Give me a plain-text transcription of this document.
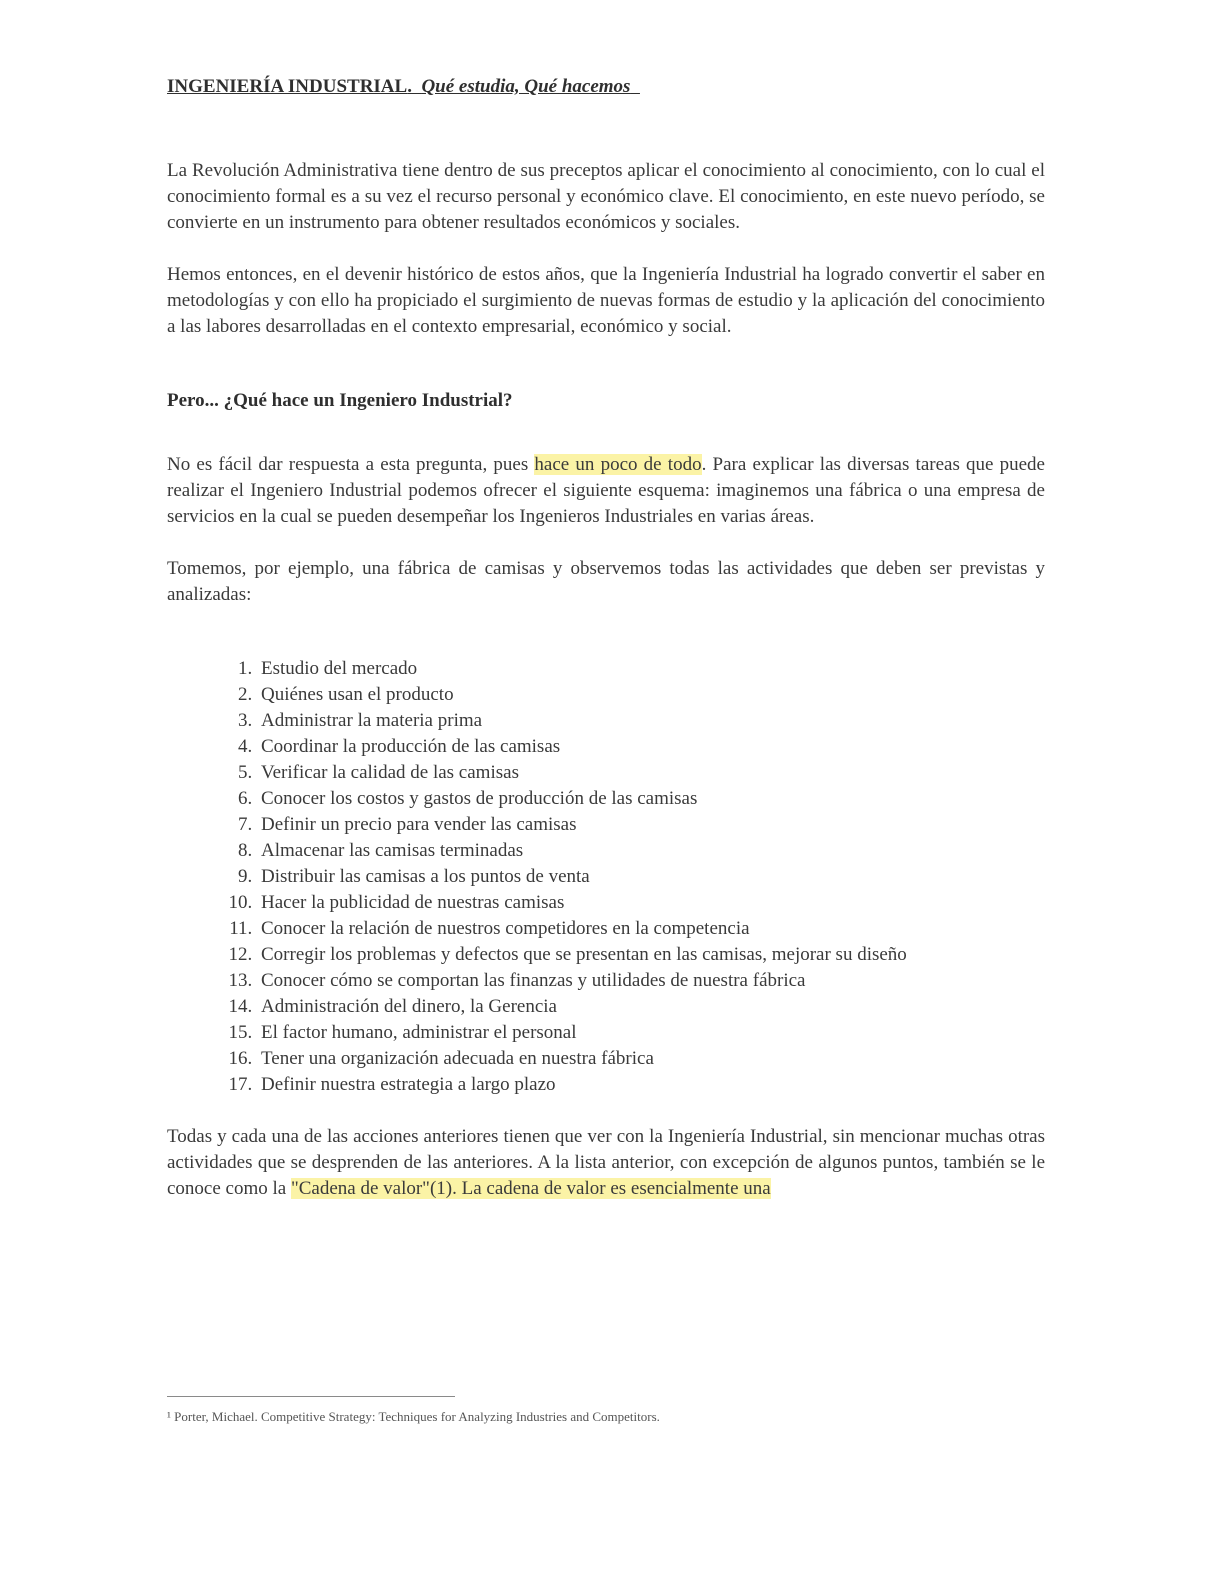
INGENIERÍA INDUSTRIAL.  Qué estudia, Qué hacemos

La Revolución Administrativa tiene dentro de sus preceptos aplicar el conocimiento al conocimiento, con lo cual el conocimiento formal es a su vez el recurso personal y económico clave. El conocimiento, en este nuevo período, se convierte en un instrumento para obtener resultados económicos y sociales.

Hemos entonces, en el devenir histórico de estos años, que la Ingeniería Industrial ha logrado convertir el saber en metodologías y con ello ha propiciado el surgimiento de nuevas formas de estudio y la aplicación del conocimiento a las labores desarrolladas en el contexto empresarial, económico y social.

Pero... ¿Qué hace un Ingeniero Industrial?

No es fácil dar respuesta a esta pregunta, pues hace un poco de todo. Para explicar las diversas tareas que puede realizar el Ingeniero Industrial podemos ofrecer el siguiente esquema: imaginemos una fábrica o una empresa de servicios en la cual se pueden desempeñar los Ingenieros Industriales en varias áreas.

Tomemos, por ejemplo, una fábrica de camisas y observemos todas las actividades que deben ser previstas y analizadas:

1. Estudio del mercado
2. Quiénes usan el producto
3. Administrar la materia prima
4. Coordinar la producción de las camisas
5. Verificar la calidad de las camisas
6. Conocer los costos y gastos de producción de las camisas
7. Definir un precio para vender las camisas
8. Almacenar las camisas terminadas
9. Distribuir las camisas a los puntos de venta
10. Hacer la publicidad de nuestras camisas
11. Conocer la relación de nuestros competidores en la competencia
12. Corregir los problemas y defectos que se presentan en las camisas, mejorar su diseño
13. Conocer cómo se comportan las finanzas y utilidades de nuestra fábrica
14. Administración del dinero, la Gerencia
15. El factor humano, administrar el personal
16. Tener una organización adecuada en nuestra fábrica
17. Definir nuestra estrategia a largo plazo

Todas y cada una de las acciones anteriores tienen que ver con la Ingeniería Industrial, sin mencionar muchas otras actividades que se desprenden de las anteriores. A la lista anterior, con excepción de algunos puntos, también se le conoce como la "Cadena de valor"(1). La cadena de valor es esencialmente una

¹ Porter, Michael. Competitive Strategy: Techniques for Analyzing Industries and Competitors.
